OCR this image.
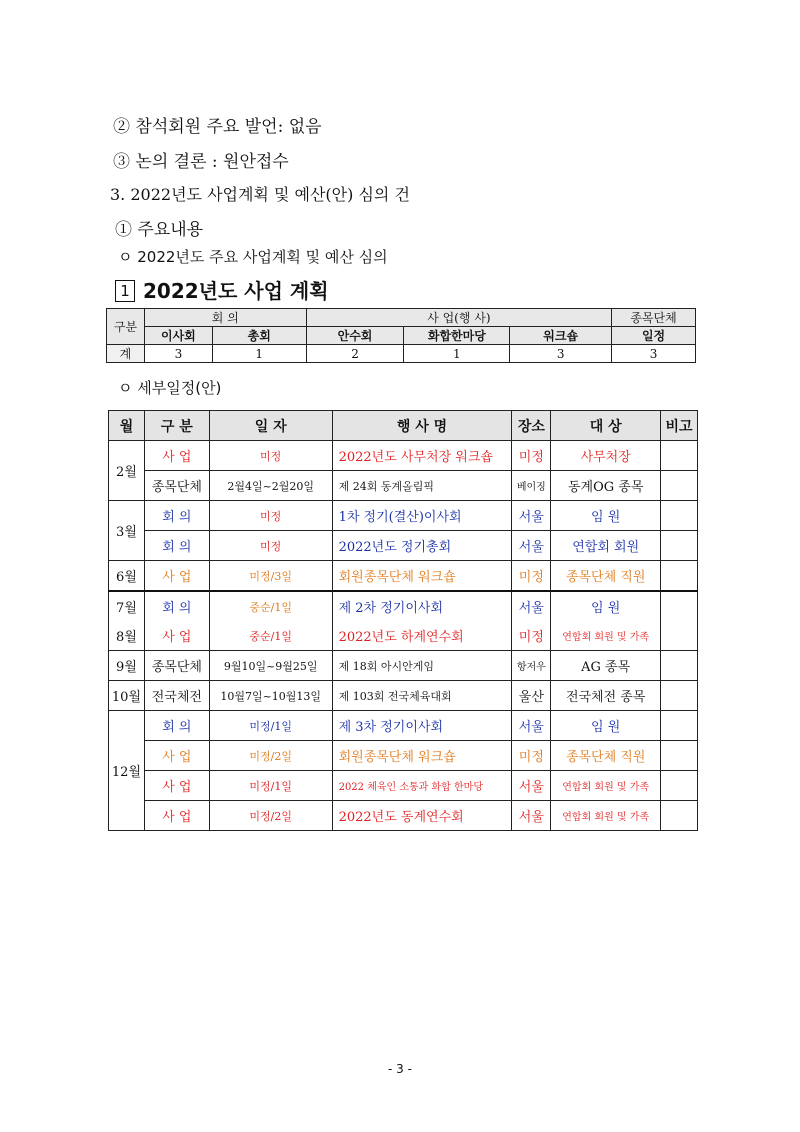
② 참석회원 주요 발언: 없음
③ 논의 결론 : 원안접수
3. 2022년도 사업계획 및 예산(안) 심의 건
① 주요내용
ㅇ 2022년도 주요 사업계획 및 예산 심의
1 2022년도 사업 계획
구분	회 의		사 업(행 사)			종목단체
	이사회	총회	안수회	화합한마당	워크숍	일정
계	3	1	2	1	3	3
ㅇ 세부일정(안)
월	구 분	일 자	행 사 명	장소	대 상	비고
2월	사 업	미정	2022년도 사무처장 워크숍	미정	사무처장	
	종목단체	2월4일~2월20일	제 24회 동계올림픽	베이징	동계OG 종목	
3월	회 의	미정	1차 정기(결산)이사회	서울	임 원	
	회 의	미정	2022년도 정기총회	서울	연합회 회원	
6월	사 업	미정/3일	회원종목단체 워크숍	미정	종목단체 직원	
7월	회 의	중순/1일	제 2차 정기이사회	서울	임 원	
8월	사 업	중순/1일	2022년도 하계연수회	미정	연합회 회원 및 가족	
9월	종목단체	9월10일~9월25일	제 18회 아시안게임	항저우	AG 종목	
10월	전국체전	10월7일~10월13일	제 103회 전국체육대회	울산	전국체전 종목	
12월	회 의	미정/1일	제 3차 정기이사회	서울	임 원	
	사 업	미정/2일	회원종목단체 워크숍	미정	종목단체 직원	
	사 업	미정/1일	2022 체육인 소통과 화합 한마당	서울	연합회 회원 및 가족	
	사 업	미정/2일	2022년도 동계연수회	서울	연합회 회원 및 가족	
- 3 -
